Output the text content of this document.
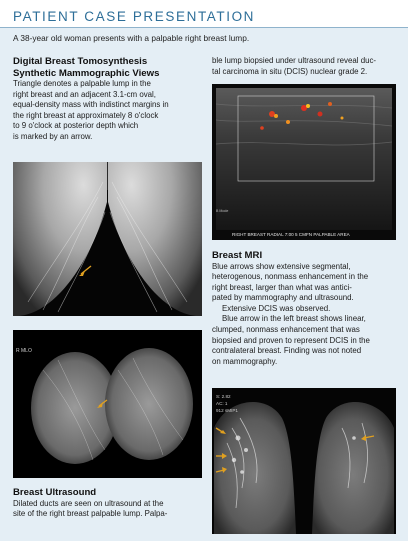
PATIENT CASE PRESENTATION
A 38-year old woman presents with a palpable right breast lump.
Digital Breast Tomosynthesis
Synthetic Mammographic Views

Triangle denotes a palpable lump in the
right breast and an adjacent 3.1-cm oval,
equal-density mass with indistinct margins in
the right breast at approximately 8 o'clock
to 9 o'clock at posterior depth which
is marked by an arrow.

R MLO
Breast Ultrasound

Dilated ducts are seen on ultrasound at the
site of the right breast palpable lump. Palpa-

ble lump biopsied under ultrasound reveal duc-
tal carcinoma in situ (DCIS) nuclear grade 2.

B Mode
RIGHT BREAST RADIAL 7:00 5 CMFN PALPABLE AREA
Breast MRI

Blue arrows show extensive segmental,
heterogenous, nonmass enhancement in the
right breast, larger than what was antici-
pated by mammography and ultrasound.
Extensive DCIS was observed.

Blue arrow in the left breast shows linear,
clumped, nonmass enhancement that was
biopsied and proven to represent DCIS in the
contralateral breast. Finding was not noted
on mammography.

S: 2.82
AC: 1
912 sMIP1
